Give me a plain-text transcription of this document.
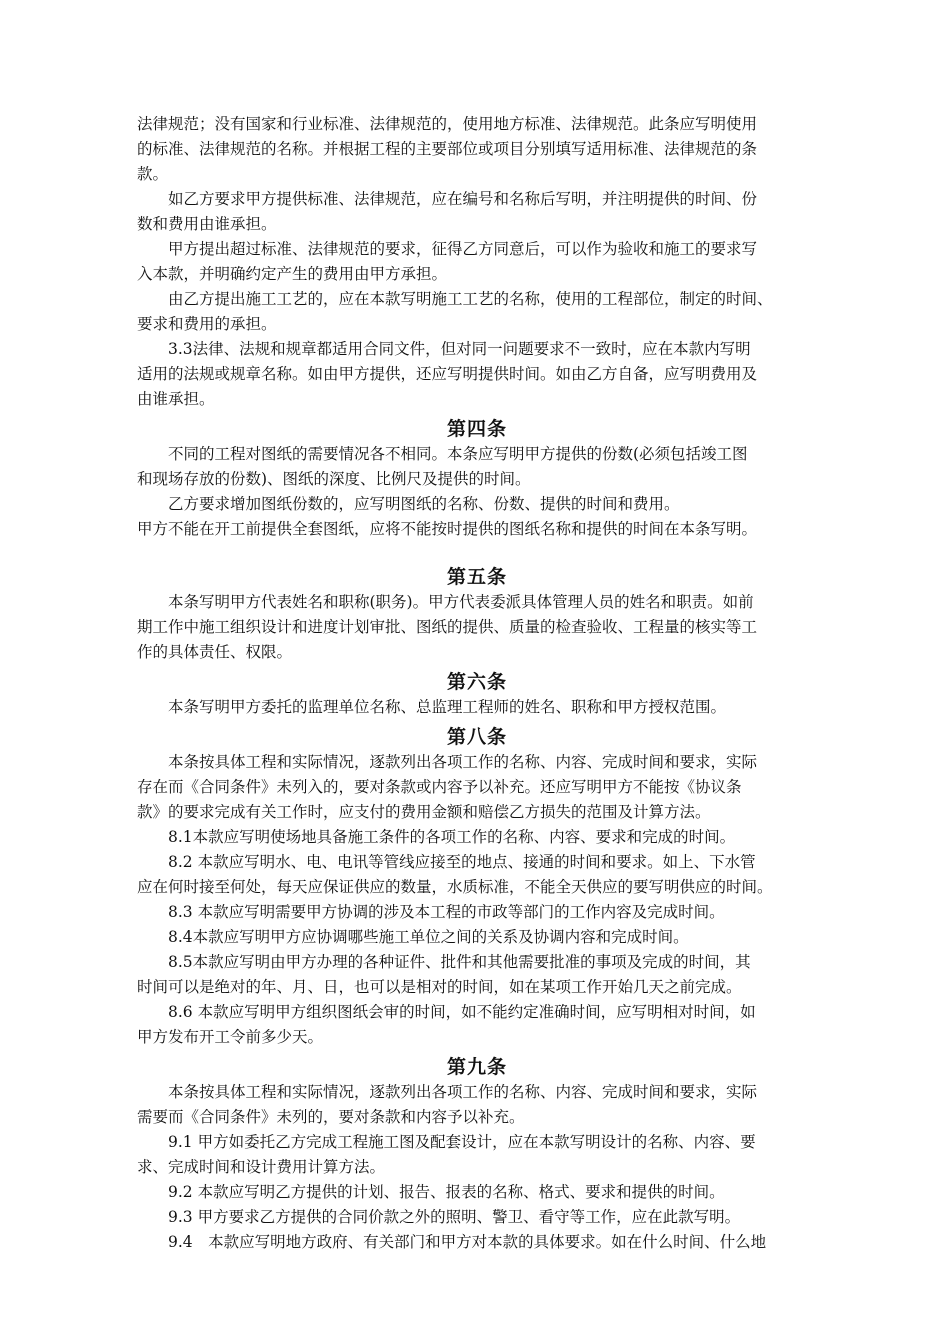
法律规范；没有国家和行业标准、法律规范的，使用地方标准、法律规范。此条应写明使用
的标准、法律规范的名称。并根据工程的主要部位或项目分别填写适用标准、法律规范的条
款。

　　如乙方要求甲方提供标准、法律规范，应在编号和名称后写明，并注明提供的时间、份
数和费用由谁承担。

　　甲方提出超过标准、法律规范的要求，征得乙方同意后，可以作为验收和施工的要求写
入本款，并明确约定产生的费用由甲方承担。

　　由乙方提出施工工艺的，应在本款写明施工工艺的名称，使用的工程部位，制定的时间、
要求和费用的承担。

　　3.3法律、法规和规章都适用合同文件，但对同一问题要求不一致时，应在本款内写明
适用的法规或规章名称。如由甲方提供，还应写明提供时间。如由乙方自备，应写明费用及
由谁承担。

第四条

　　不同的工程对图纸的需要情况各不相同。本条应写明甲方提供的份数(必须包括竣工图
和现场存放的份数)、图纸的深度、比例尺及提供的时间。

　　乙方要求增加图纸份数的，应写明图纸的名称、份数、提供的时间和费用。

甲方不能在开工前提供全套图纸，应将不能按时提供的图纸名称和提供的时间在本条写明。

第五条

　　本条写明甲方代表姓名和职称(职务)。甲方代表委派具体管理人员的姓名和职责。如前
期工作中施工组织设计和进度计划审批、图纸的提供、质量的检查验收、工程量的核实等工
作的具体责任、权限。

第六条

　　本条写明甲方委托的监理单位名称、总监理工程师的姓名、职称和甲方授权范围。

第八条

　　本条按具体工程和实际情况，逐款列出各项工作的名称、内容、完成时间和要求，实际
存在而《合同条件》未列入的，要对条款或内容予以补充。还应写明甲方不能按《协议条
款》的要求完成有关工作时，应支付的费用金额和赔偿乙方损失的范围及计算方法。

　　8.1本款应写明使场地具备施工条件的各项工作的名称、内容、要求和完成的时间。

　　8.2 本款应写明水、电、电讯等管线应接至的地点、接通的时间和要求。如上、下水管
应在何时接至何处，每天应保证供应的数量，水质标准，不能全天供应的要写明供应的时间。

　　8.3 本款应写明需要甲方协调的涉及本工程的市政等部门的工作内容及完成时间。

　　8.4本款应写明甲方应协调哪些施工单位之间的关系及协调内容和完成时间。

　　8.5本款应写明由甲方办理的各种证件、批件和其他需要批准的事项及完成的时间，其
时间可以是绝对的年、月、日，也可以是相对的时间，如在某项工作开始几天之前完成。

　　8.6 本款应写明甲方组织图纸会审的时间，如不能约定准确时间，应写明相对时间，如
甲方发布开工令前多少天。

第九条

　　本条按具体工程和实际情况，逐款列出各项工作的名称、内容、完成时间和要求，实际
需要而《合同条件》未列的，要对条款和内容予以补充。

　　9.1 甲方如委托乙方完成工程施工图及配套设计，应在本款写明设计的名称、内容、要
求、完成时间和设计费用计算方法。

　　9.2 本款应写明乙方提供的计划、报告、报表的名称、格式、要求和提供的时间。

　　9.3 甲方要求乙方提供的合同价款之外的照明、警卫、看守等工作，应在此款写明。

　　9.4　本款应写明地方政府、有关部门和甲方对本款的具体要求。如在什么时间、什么地
